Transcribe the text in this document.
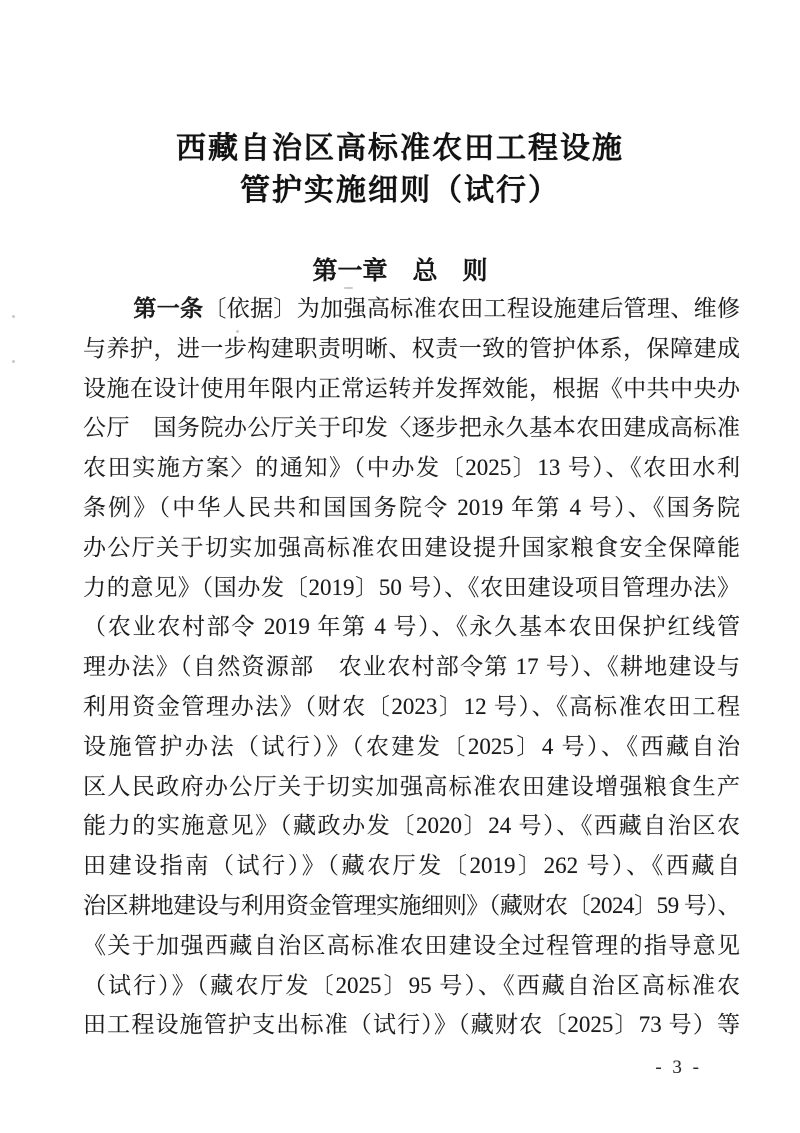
西藏自治区高标准农田工程设施
管护实施细则（试行）
第一章　总　则
第一条〔依据〕为加强高标准农田工程设施建后管理、维修
与养护，进一步构建职责明晰、权责一致的管护体系，保障建成
设施在设计使用年限内正常运转并发挥效能，根据《中共中央办
公厅　国务院办公厅关于印发〈逐步把永久基本农田建成高标准
农田实施方案〉的通知》（中办发〔2025〕13 号）、《农田水利
条例》（中华人民共和国国务院令 2019 年第 4 号）、《国务院
办公厅关于切实加强高标准农田建设提升国家粮食安全保障能
力的意见》（国办发〔2019〕50 号）、《农田建设项目管理办法》
（农业农村部令 2019 年第 4 号）、《永久基本农田保护红线管
理办法》（自然资源部　农业农村部令第 17 号）、《耕地建设与
利用资金管理办法》（财农〔2023〕12 号）、《高标准农田工程
设施管护办法（试行）》（农建发〔2025〕4 号）、《西藏自治
区人民政府办公厅关于切实加强高标准农田建设增强粮食生产
能力的实施意见》（藏政办发〔2020〕24 号）、《西藏自治区农
田建设指南（试行）》（藏农厅发〔2019〕262 号）、《西藏自
治区耕地建设与利用资金管理实施细则》（藏财农〔2024〕59 号）、
《关于加强西藏自治区高标准农田建设全过程管理的指导意见
（试行）》（藏农厅发〔2025〕95 号）、《西藏自治区高标准农
田工程设施管护支出标准（试行）》（藏财农〔2025〕73 号）等
- 3 -
